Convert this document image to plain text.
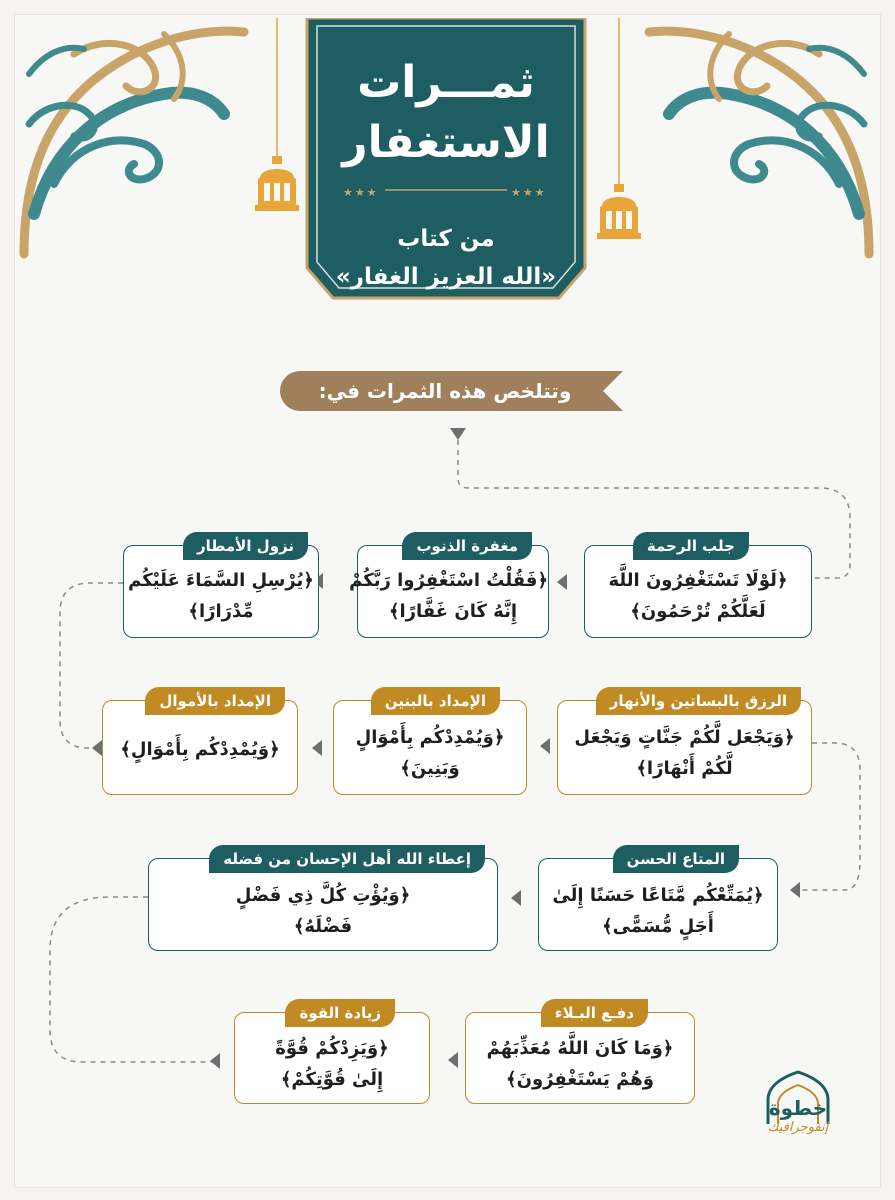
ثمـــرات
الاستغفار
★★★	★★★
من كتاب
«الله العزيز الغفار»
وتتلخص هذه الثمرات في:
جلب الرحمة
﴿لَوْلَا تَسْتَغْفِرُونَ اللَّهَ
لَعَلَّكُمْ تُرْحَمُونَ﴾
مغفرة الذنوب
﴿فَقُلْتُ اسْتَغْفِرُوا رَبَّكُمْ
إِنَّهُ كَانَ غَفَّارًا﴾
نزول الأمطار
﴿يُرْسِلِ السَّمَاءَ عَلَيْكُم
مِّدْرَارًا﴾
الرزق بالبساتين والأنهار
﴿وَيَجْعَل لَّكُمْ جَنَّاتٍ وَيَجْعَل
لَّكُمْ أَنْهَارًا﴾
الإمداد بالبنين
﴿وَيُمْدِدْكُم بِأَمْوَالٍ
وَبَنِينَ﴾
الإمداد بالأموال
﴿وَيُمْدِدْكُم بِأَمْوَالٍ﴾
المتاع الحسن
﴿يُمَتِّعْكُم مَّتَاعًا حَسَنًا إِلَىٰ
أَجَلٍ مُّسَمًّى﴾
إعطاء الله أهل الإحسان من فضله
﴿وَيُؤْتِ كُلَّ ذِي فَضْلٍ
فَضْلَهُ﴾
دفـع البـلاء
﴿وَمَا كَانَ اللَّهُ مُعَذِّبَهُمْ
وَهُمْ يَسْتَغْفِرُونَ﴾
زيادة القوة
﴿وَيَزِدْكُمْ قُوَّةً
إِلَىٰ قُوَّتِكُمْ﴾
خطوة
إنفوجرافيك
